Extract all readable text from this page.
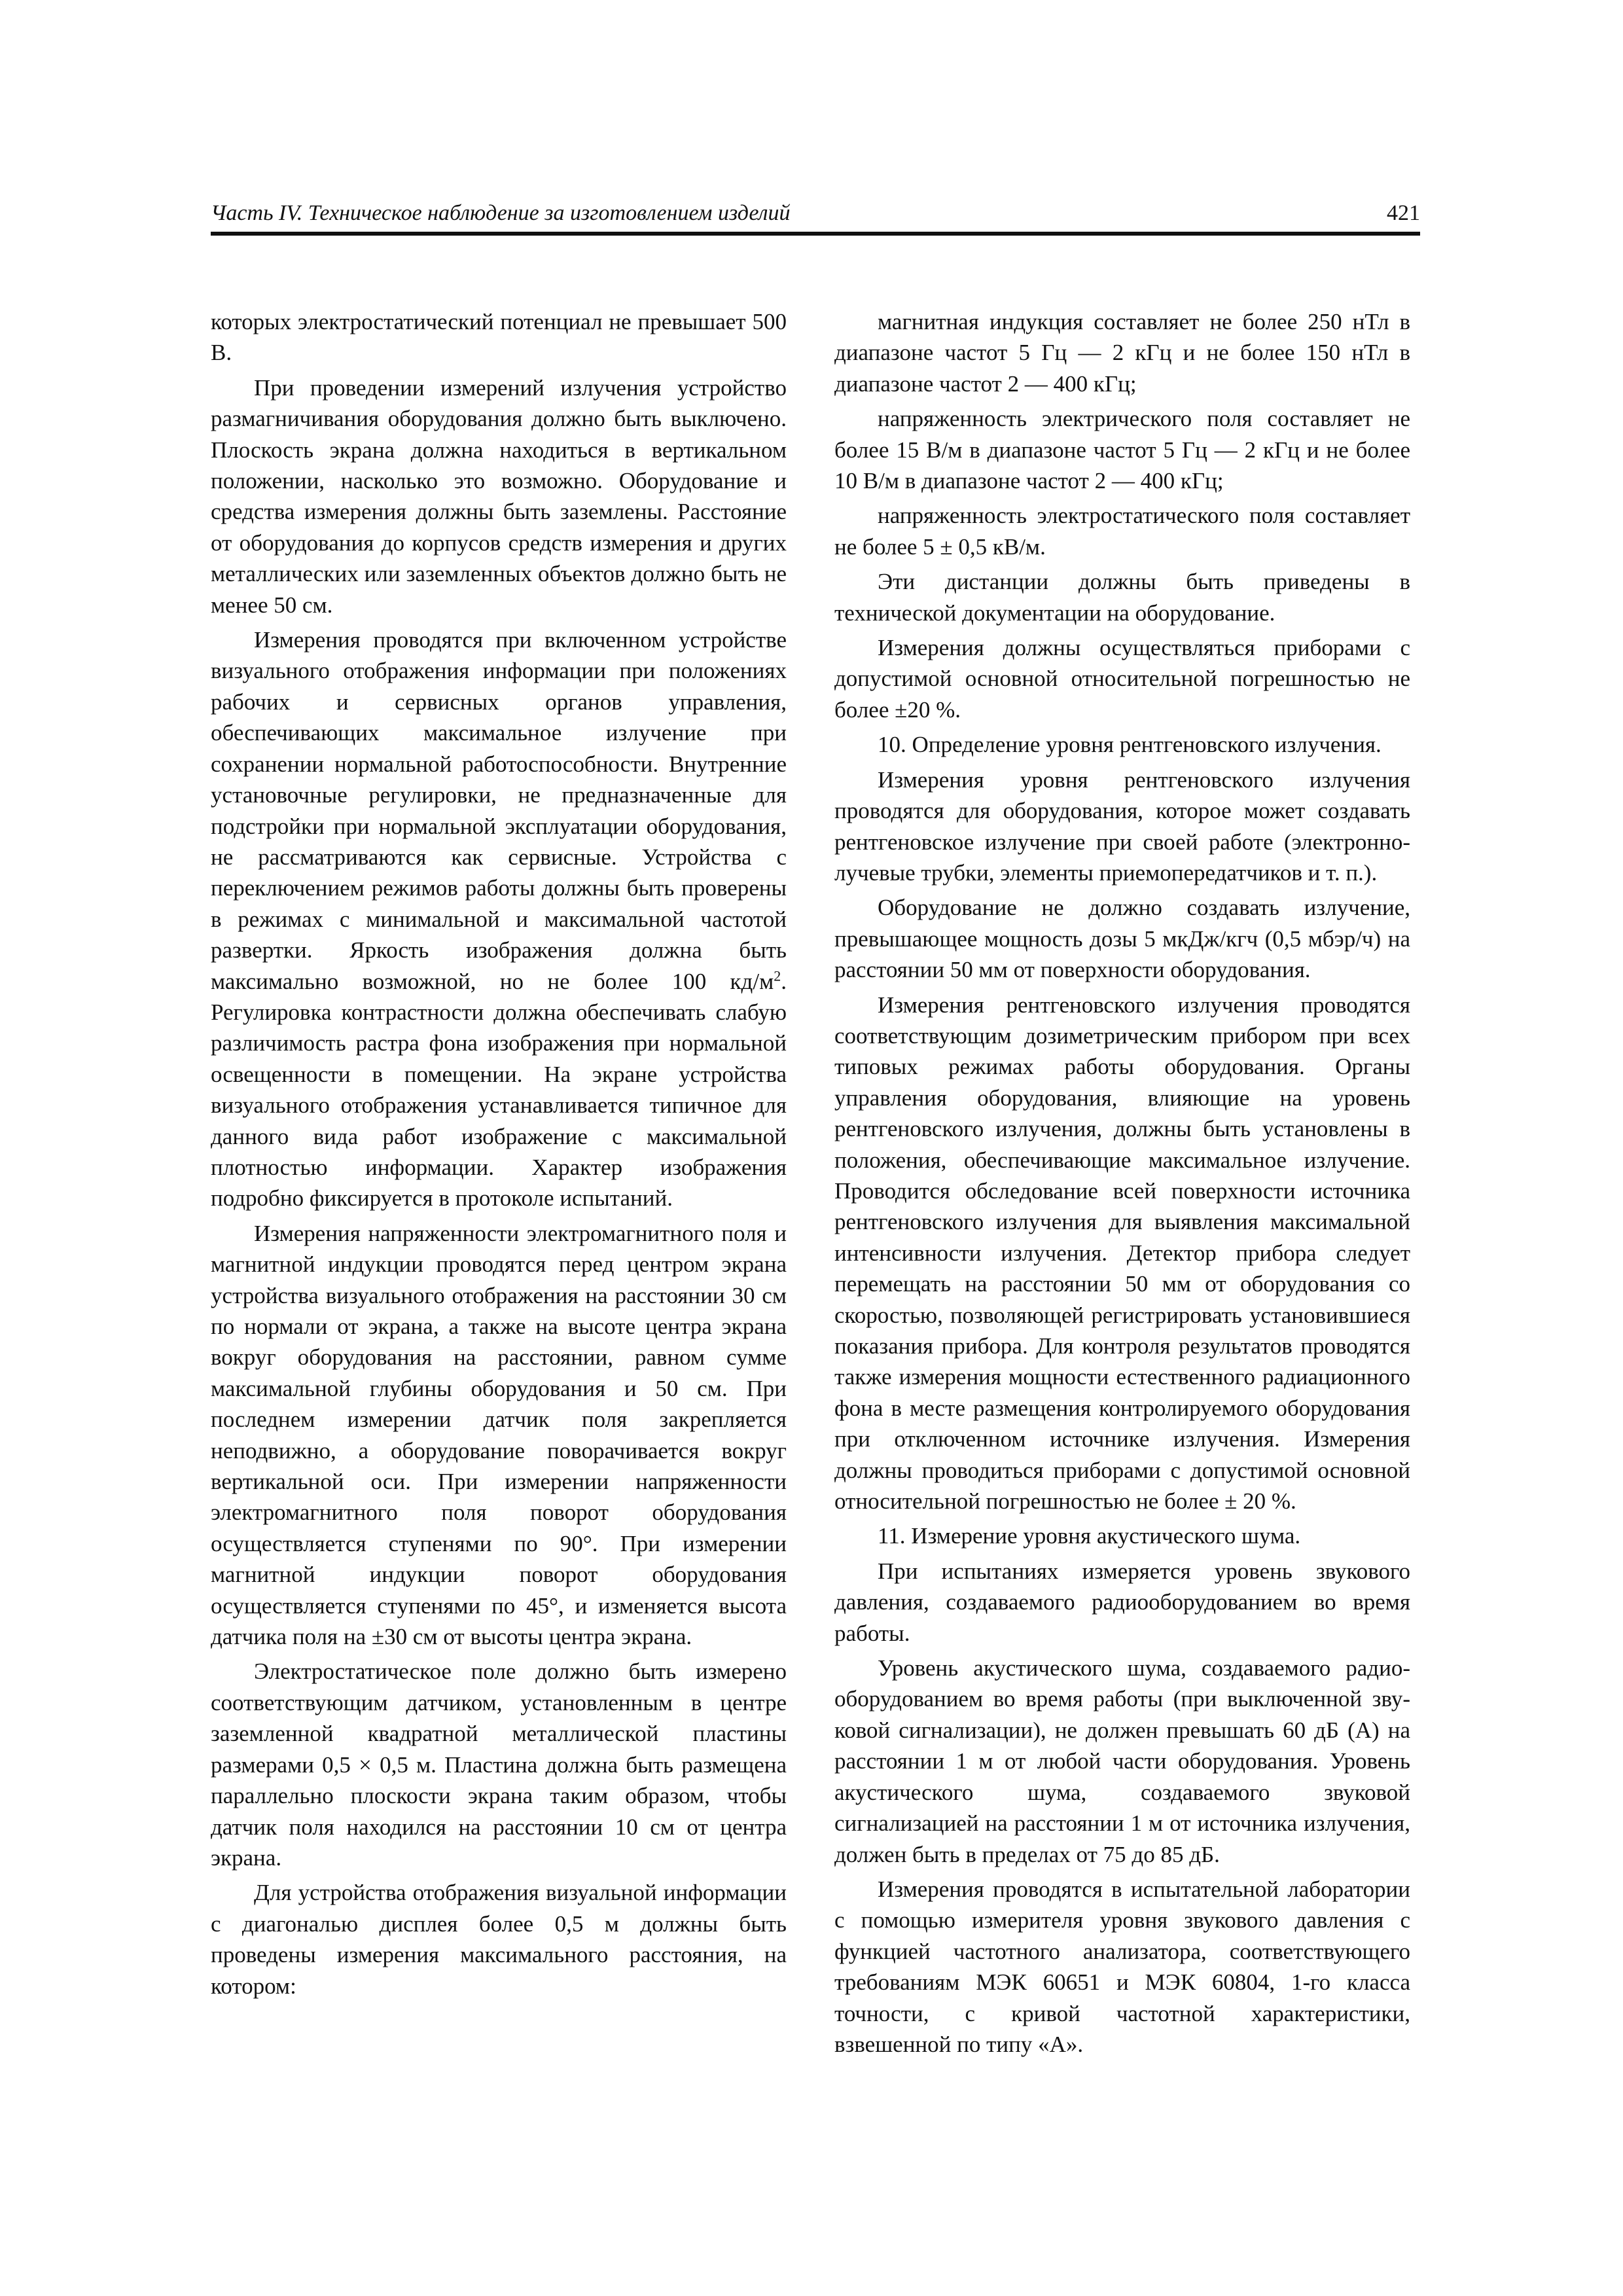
Часть IV. Техническое наблюдение за изготовлением изделий	421

которых электростатический потенциал не превышает 500 В.

При проведении измерений излучения устройство размагничивания оборудования должно быть выключено. Плоскость экрана должна находиться в вертикальном положении, насколько это возможно. Оборудование и средства измерения должны быть заземлены. Расстояние от оборудования до корпусов средств измерения и других металлических или заземленных объектов должно быть не менее 50 см.

Измерения проводятся при включенном устройстве визуального отображения информации при положениях рабочих и сервисных органов управления, обеспечивающих максимальное излучение при сохранении нормальной работоспособности. Внутренние установочные регулировки, не предназначенные для подстройки при нормальной эксплуатации оборудования, не рассматриваются как сервисные. Устройства с переключением режимов работы должны быть проверены в режимах с минимальной и максимальной частотой развертки. Яркость изображения должна быть максимально возможной, но не более 100 $кд/м^2$. Регулировка контрастности должна обеспечивать слабую различимость растра фона изображения при нормальной освещенности в помещении. На экране устройства визуального отображения устанавливается типичное для данного вида работ изображение с максимальной плотностью информации. Характер изображения подробно фиксируется в протоколе испытаний.

Измерения напряженности электромагнитного поля и магнитной индукции проводятся перед центром экрана устройства визуального отображения на расстоянии 30 см по нормали от экрана, а также на высоте центра экрана вокруг оборудования на расстоянии, равном сумме максимальной глубины оборудования и 50 см. При последнем измерении датчик поля закрепляется неподвижно, а оборудование поворачивается вокруг вертикальной оси. При измерении напряженности электромагнитного поля поворот оборудования осуществляется ступенями по 90°. При измерении магнитной индукции поворот оборудования осуществляется ступенями по 45°, и изменяется высота датчика поля на ±30 см от высоты центра экрана.

Электростатическое поле должно быть измерено соответствующим датчиком, установленным в центре заземленной квадратной металлической пластины размерами 0,5 × 0,5 м. Пластина должна быть размещена параллельно плоскости экрана таким образом, чтобы датчик поля находился на расстоянии 10 см от центра экрана.

Для устройства отображения визуальной информации с диагональю дисплея более 0,5 м должны быть проведены измерения максимального расстояния, на котором:

магнитная индукция составляет не более 250 нТл в диапазоне частот 5 Гц — 2 кГц и не более 150 нТл в диапазоне частот 2 — 400 кГц;

напряженность электрического поля составляет не более 15 В/м в диапазоне частот 5 Гц — 2 кГц и не более 10 В/м в диапазоне частот 2 — 400 кГц;

напряженность электростатического поля составляет не более 5 ± 0,5 кВ/м.

Эти дистанции должны быть приведены в технической документации на оборудование.

Измерения должны осуществляться приборами с допустимой основной относительной погрешностью не более ±20 %.

10. Определение уровня рентгеновского излучения.

Измерения уровня рентгеновского излучения проводятся для оборудования, которое может создавать рентгеновское излучение при своей работе (электроннолучевые трубки, элементы приемопередатчиков и т. п.).

Оборудование не должно создавать излучение, превышающее мощность дозы 5 мкДж/кгч (0,5 мбэр/ч) на расстоянии 50 мм от поверхности оборудования.

Измерения рентгеновского излучения проводятся соответствующим дозиметрическим прибором при всех типовых режимах работы оборудования. Органы управления оборудования, влияющие на уровень рентгеновского излучения, должны быть установлены в положения, обеспечивающие максимальное излучение. Проводится обследование всей поверхности источника рентгеновского излучения для выявления максимальной интенсивности излучения. Детектор прибора следует перемещать на расстоянии 50 мм от оборудования со скоростью, позволяющей регистрировать установившиеся показания прибора. Для контроля результатов проводятся также измерения мощности естественного радиационного фона в месте размещения контролируемого оборудования при отключенном источнике излучения. Измерения должны проводиться приборами с допустимой основной относительной погрешностью не более ± 20 %.

11. Измерение уровня акустического шума.

При испытаниях измеряется уровень звукового давления, создаваемого радиооборудованием во время работы.

Уровень акустического шума, создаваемого радиооборудованием во время работы (при выключенной звуковой сигнализации), не должен превышать 60 дБ (А) на расстоянии 1 м от любой части оборудования. Уровень акустического шума, создаваемого звуковой сигнализацией на расстоянии 1 м от источника излучения, должен быть в пределах от 75 до 85 дБ.

Измерения проводятся в испытательной лаборатории с помощью измерителя уровня звукового давления с функцией частотного анализатора, соответствующего требованиям МЭК 60651 и МЭК 60804, 1-го класса точности, с кривой частотной характеристики, взвешенной по типу «А».
